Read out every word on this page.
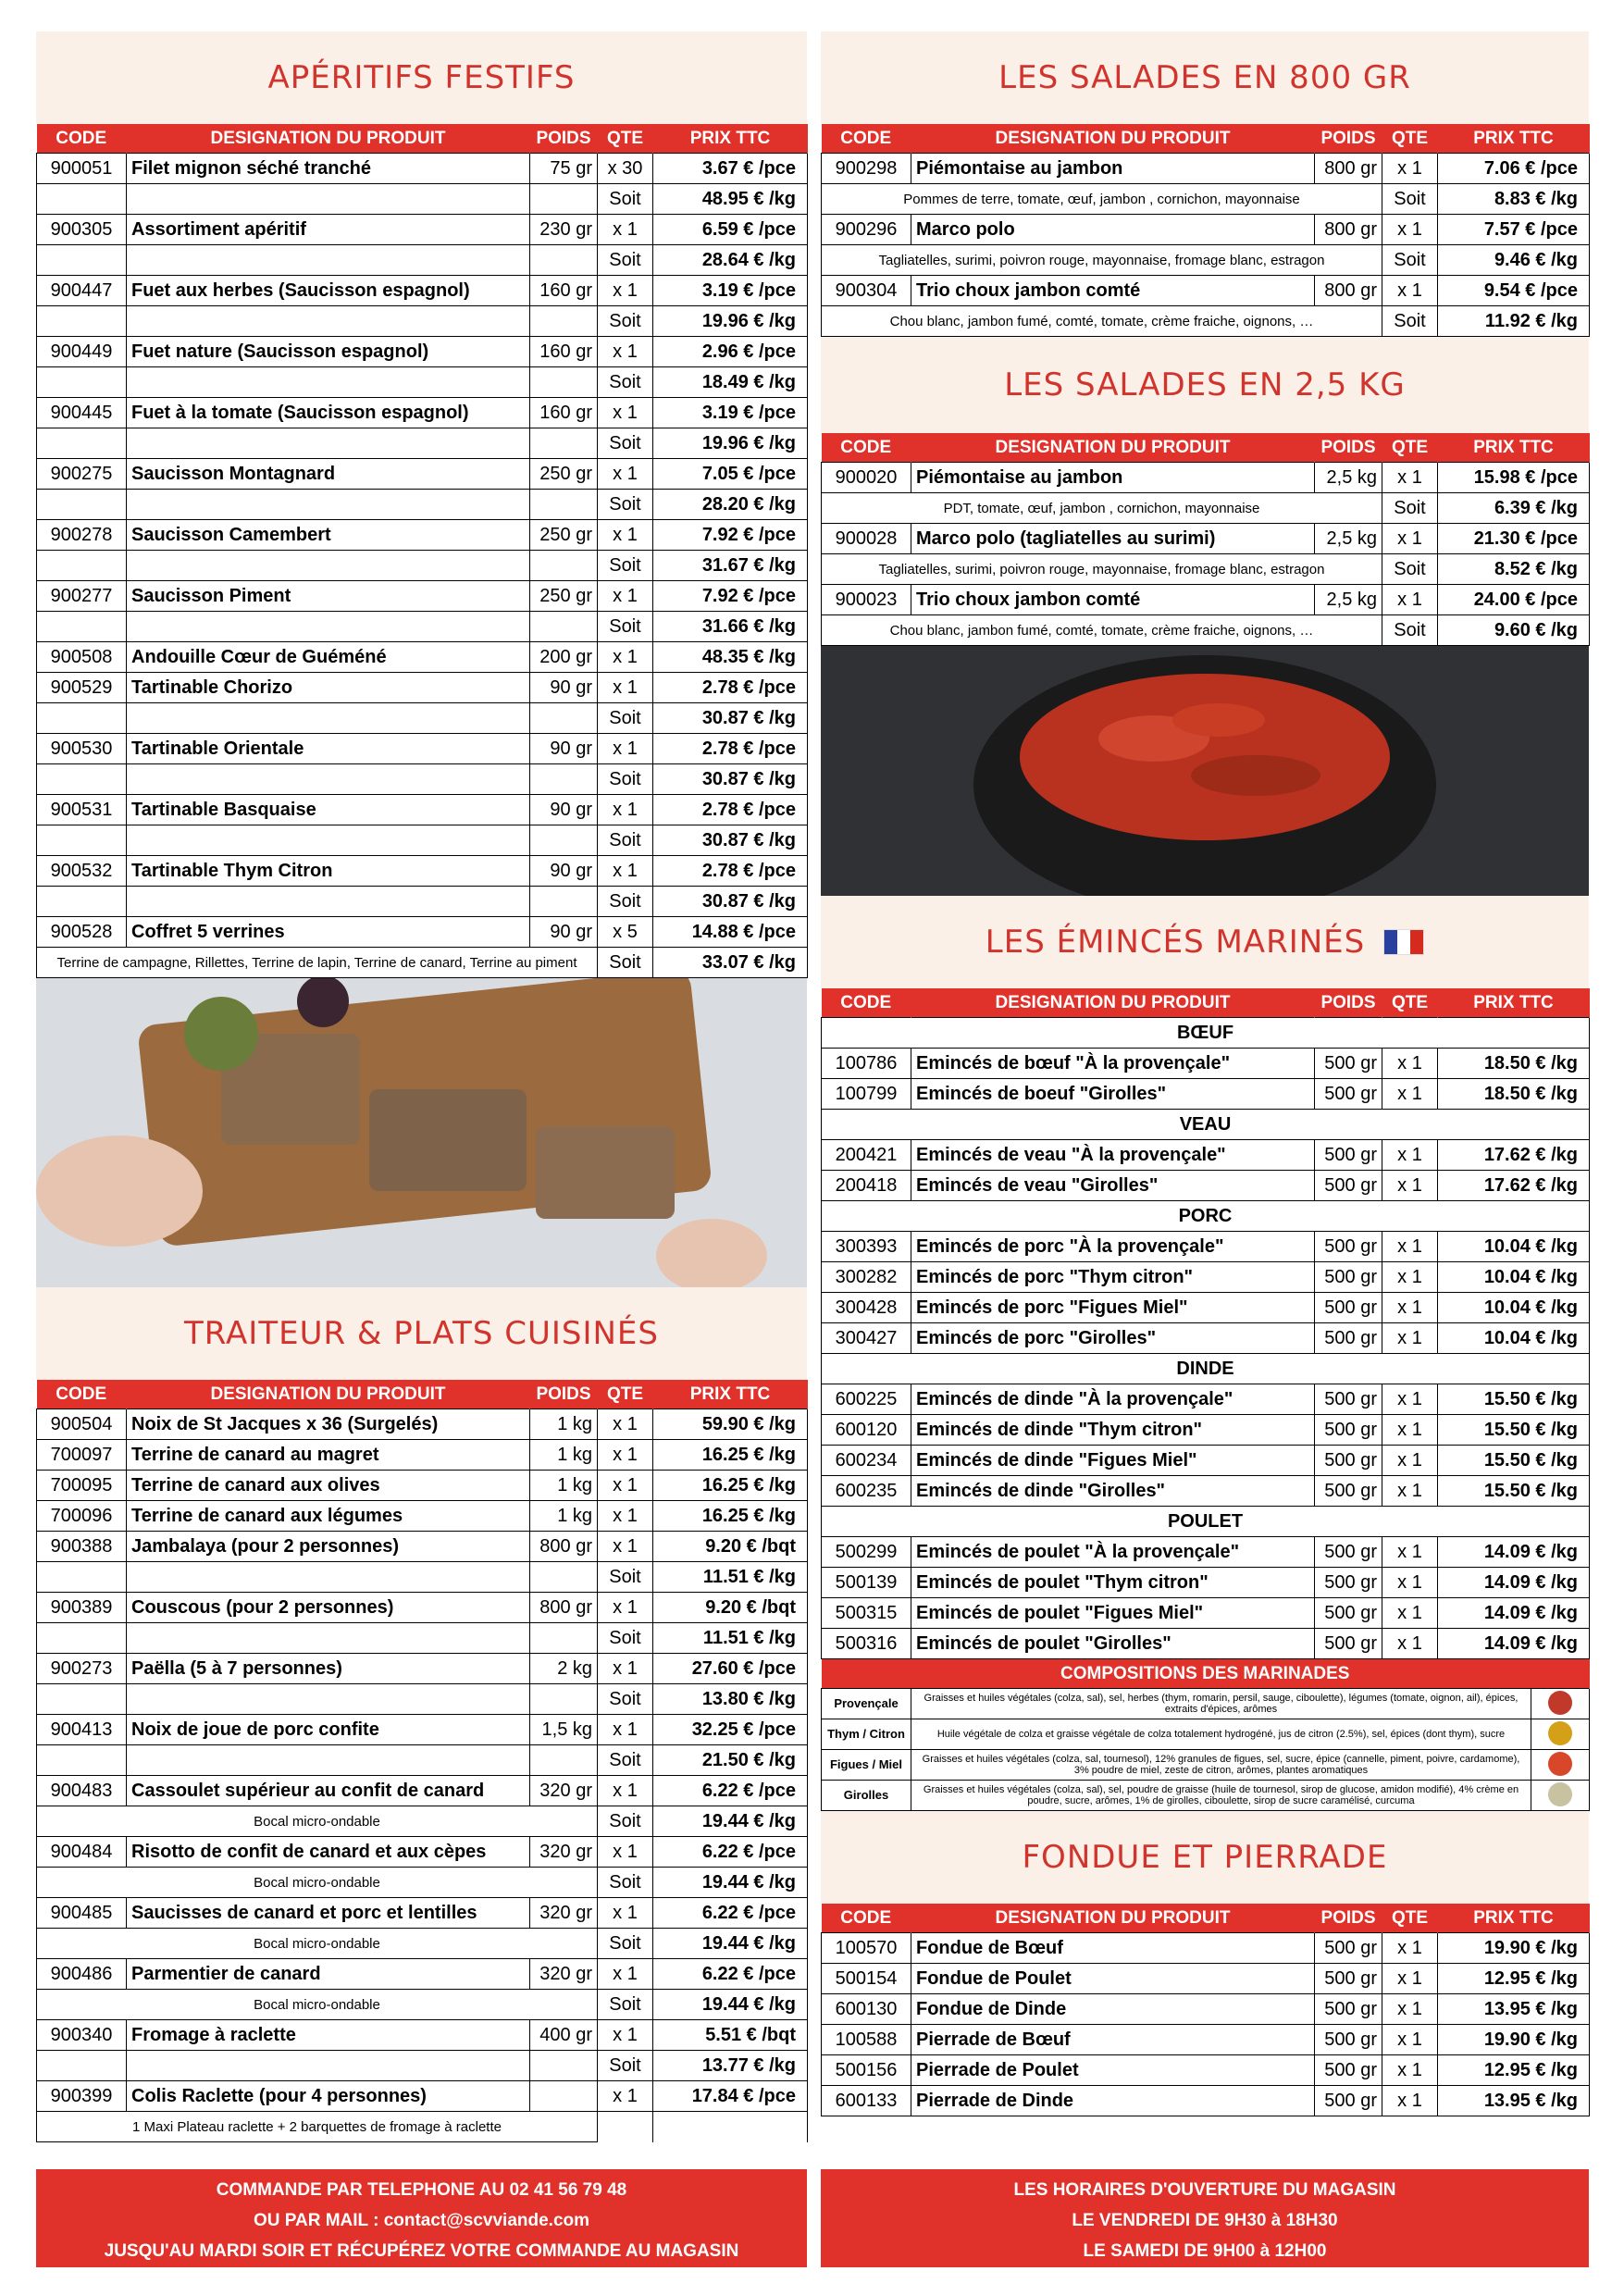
APÉRITIFS FESTIFS
CODE	DESIGNATION DU PRODUIT	POIDS	QTE	PRIX TTC
900051	Filet mignon séché tranché	75 gr	x 30	3.67 € /pce
			Soit	48.95 € /kg
900305	Assortiment apéritif	230 gr	x 1	6.59 € /pce
			Soit	28.64 € /kg
900447	Fuet aux herbes (Saucisson espagnol)	160 gr	x 1	3.19 € /pce
			Soit	19.96 € /kg
900449	Fuet nature (Saucisson espagnol)	160 gr	x 1	2.96 € /pce
			Soit	18.49 € /kg
900445	Fuet à la tomate (Saucisson espagnol)	160 gr	x 1	3.19 € /pce
			Soit	19.96 € /kg
900275	Saucisson Montagnard	250 gr	x 1	7.05 € /pce
			Soit	28.20 € /kg
900278	Saucisson Camembert	250 gr	x 1	7.92 € /pce
			Soit	31.67 € /kg
900277	Saucisson Piment	250 gr	x 1	7.92 € /pce
			Soit	31.66 € /kg
900508	Andouille Cœur de Guéméné	200 gr	x 1	48.35 € /kg
900529	Tartinable Chorizo	90 gr	x 1	2.78 € /pce
			Soit	30.87 € /kg
900530	Tartinable Orientale	90 gr	x 1	2.78 € /pce
			Soit	30.87 € /kg
900531	Tartinable Basquaise	90 gr	x 1	2.78 € /pce
			Soit	30.87 € /kg
900532	Tartinable Thym Citron	90 gr	x 1	2.78 € /pce
			Soit	30.87 € /kg
900528	Coffret 5 verrines	90 gr	x 5	14.88 € /pce
Terrine de campagne, Rillettes, Terrine de lapin, Terrine de canard, Terrine au piment			Soit	33.07 € /kg
TRAITEUR & PLATS CUISINÉS
CODE	DESIGNATION DU PRODUIT	POIDS	QTE	PRIX TTC
900504	Noix de St Jacques x 36 (Surgelés)	1 kg	x 1	59.90 € /kg
700097	Terrine de canard au magret	1 kg	x 1	16.25 € /kg
700095	Terrine de canard aux olives	1 kg	x 1	16.25 € /kg
700096	Terrine de canard aux légumes	1 kg	x 1	16.25 € /kg
900388	Jambalaya (pour 2 personnes)	800 gr	x 1	9.20 € /bqt
			Soit	11.51 € /kg
900389	Couscous (pour 2 personnes)	800 gr	x 1	9.20 € /bqt
			Soit	11.51 € /kg
900273	Paëlla (5 à 7 personnes)	2 kg	x 1	27.60 € /pce
			Soit	13.80 € /kg
900413	Noix de joue de porc confite	1,5 kg	x 1	32.25 € /pce
			Soit	21.50 € /kg
900483	Cassoulet supérieur au confit de canard	320 gr	x 1	6.22 € /pce
Bocal micro-ondable			Soit	19.44 € /kg
900484	Risotto de confit de canard et aux cèpes	320 gr	x 1	6.22 € /pce
Bocal micro-ondable			Soit	19.44 € /kg
900485	Saucisses de canard et porc et lentilles	320 gr	x 1	6.22 € /pce
Bocal micro-ondable			Soit	19.44 € /kg
900486	Parmentier de canard	320 gr	x 1	6.22 € /pce
Bocal micro-ondable			Soit	19.44 € /kg
900340	Fromage à raclette	400 gr	x 1	5.51 € /bqt
			Soit	13.77 € /kg
900399	Colis Raclette (pour 4 personnes)		x 1	17.84 € /pce
1 Maxi Plateau raclette + 2 barquettes de fromage à raclette				
LES SALADES EN 800 GR
CODE	DESIGNATION DU PRODUIT	POIDS	QTE	PRIX TTC
900298	Piémontaise au jambon	800 gr	x 1	7.06 € /pce
Pommes de terre, tomate, œuf, jambon , cornichon, mayonnaise			Soit	8.83 € /kg
900296	Marco polo	800 gr	x 1	7.57 € /pce
Tagliatelles, surimi, poivron rouge, mayonnaise, fromage blanc, estragon			Soit	9.46 € /kg
900304	Trio choux jambon comté	800 gr	x 1	9.54 € /pce
Chou blanc, jambon fumé, comté, tomate, crème fraiche, oignons, …			Soit	11.92 € /kg
LES SALADES EN 2,5 KG
CODE	DESIGNATION DU PRODUIT	POIDS	QTE	PRIX TTC
900020	Piémontaise au jambon	2,5 kg	x 1	15.98 € /pce
PDT, tomate, œuf, jambon , cornichon, mayonnaise			Soit	6.39 € /kg
900028	Marco polo (tagliatelles au surimi)	2,5 kg	x 1	21.30 € /pce
Tagliatelles, surimi, poivron rouge, mayonnaise, fromage blanc, estragon			Soit	8.52 € /kg
900023	Trio choux jambon comté	2,5 kg	x 1	24.00 € /pce
Chou blanc, jambon fumé, comté, tomate, crème fraiche, oignons, …			Soit	9.60 € /kg
LES ÉMINCÉS MARINÉS
CODE	DESIGNATION DU PRODUIT	POIDS	QTE	PRIX TTC
BŒUF				
100786	Emincés de bœuf "À la provençale"	500 gr	x 1	18.50 € /kg
100799	Emincés de boeuf "Girolles"	500 gr	x 1	18.50 € /kg
VEAU				
200421	Emincés de veau "À la provençale"	500 gr	x 1	17.62 € /kg
200418	Emincés de veau "Girolles"	500 gr	x 1	17.62 € /kg
PORC				
300393	Emincés de porc "À la provençale"	500 gr	x 1	10.04 € /kg
300282	Emincés de porc "Thym citron"	500 gr	x 1	10.04 € /kg
300428	Emincés de porc "Figues Miel"	500 gr	x 1	10.04 € /kg
300427	Emincés de porc "Girolles"	500 gr	x 1	10.04 € /kg
DINDE				
600225	Emincés de dinde "À la provençale"	500 gr	x 1	15.50 € /kg
600120	Emincés de dinde "Thym citron"	500 gr	x 1	15.50 € /kg
600234	Emincés de dinde "Figues Miel"	500 gr	x 1	15.50 € /kg
600235	Emincés de dinde "Girolles"	500 gr	x 1	15.50 € /kg
POULET				
500299	Emincés de poulet "À la provençale"	500 gr	x 1	14.09 € /kg
500139	Emincés de poulet "Thym citron"	500 gr	x 1	14.09 € /kg
500315	Emincés de poulet "Figues Miel"	500 gr	x 1	14.09 € /kg
500316	Emincés de poulet "Girolles"	500 gr	x 1	14.09 € /kg
COMPOSITIONS DES MARINADES		
Provençale	Graisses et huiles végétales (colza, sal), sel, herbes (thym, romarin, persil, sauge, ciboulette), légumes (tomate, oignon, ail), épices, extraits d'épices, arômes	
Thym / Citron	Huile végétale de colza et graisse végétale de colza totalement hydrogéné, jus de citron (2.5%), sel, épices (dont thym), sucre	
Figues / Miel	Graisses et huiles végétales (colza, sal, tournesol), 12% granules de figues, sel, sucre, épice (cannelle, piment, poivre, cardamome), 3% poudre de miel, zeste de citron, arômes, plantes aromatiques	
Girolles	Graisses et huiles végétales (colza, sal), sel, poudre de graisse (huile de tournesol, sirop de glucose, amidon modifié), 4% crème en poudre, sucre, arômes, 1% de girolles, ciboulette, sirop de sucre caramélisé, curcuma	
FONDUE ET PIERRADE
CODE	DESIGNATION DU PRODUIT	POIDS	QTE	PRIX TTC
100570	Fondue de Bœuf	500 gr	x 1	19.90 € /kg
500154	Fondue de Poulet	500 gr	x 1	12.95 € /kg
600130	Fondue de Dinde	500 gr	x 1	13.95 € /kg
100588	Pierrade de Bœuf	500 gr	x 1	19.90 € /kg
500156	Pierrade de Poulet	500 gr	x 1	12.95 € /kg
600133	Pierrade de Dinde	500 gr	x 1	13.95 € /kg
COMMANDE PAR TELEPHONE AU 02 41 56 79 48
OU PAR MAIL : contact@scvviande.com
JUSQU'AU MARDI SOIR ET RÉCUPÉREZ VOTRE COMMANDE AU MAGASIN
LES HORAIRES D'OUVERTURE DU MAGASIN
LE VENDREDI DE 9H30 à 18H30
LE SAMEDI DE 9H00 à 12H00
